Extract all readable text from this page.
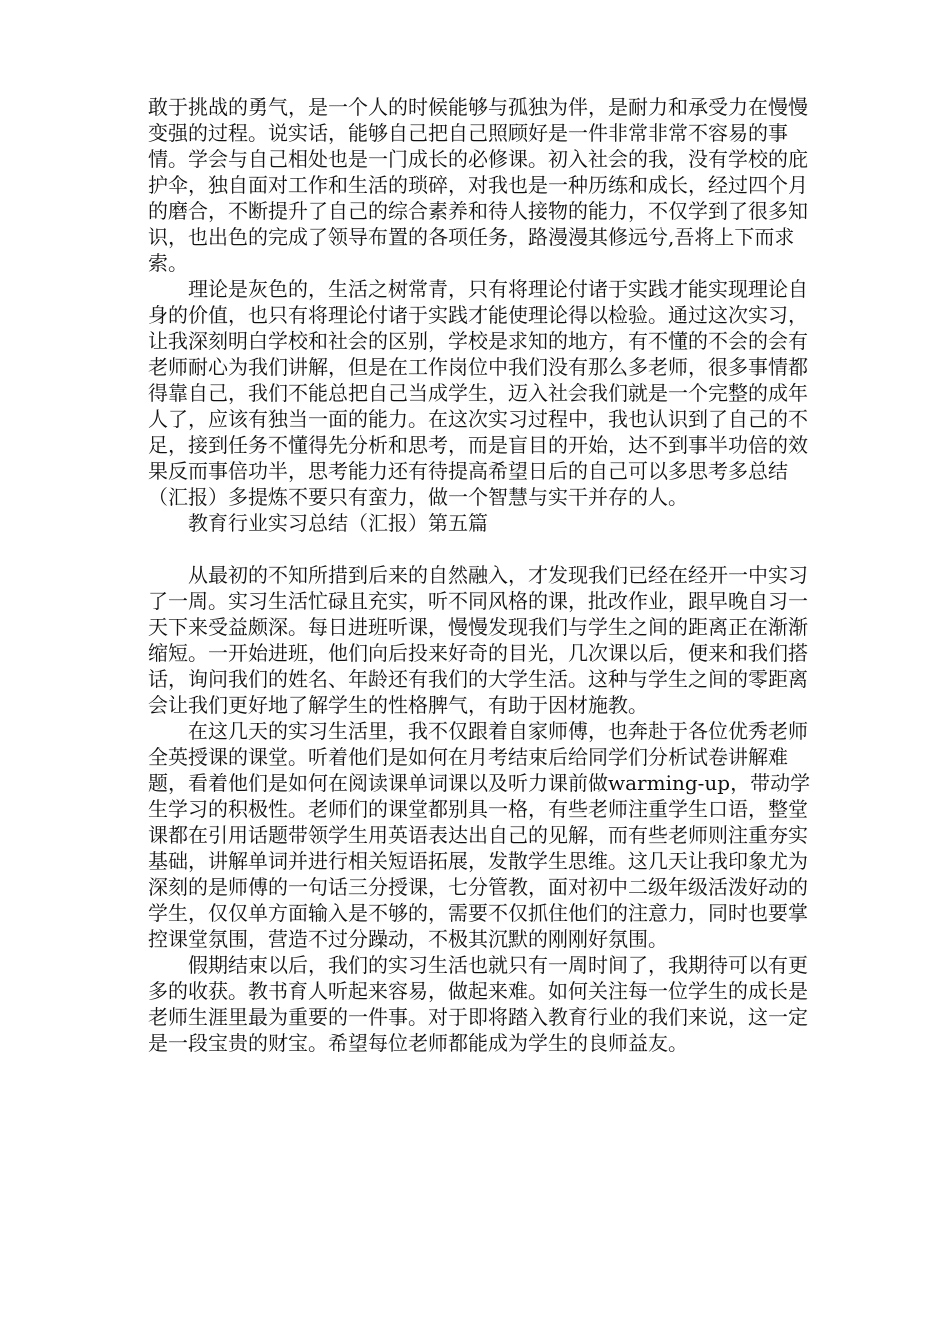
敢于挑战的勇气，是一个人的时候能够与孤独为伴，是耐力和承受力在慢慢变强的过程。说实话，能够自己把自己照顾好是一件非常非常不容易的事情。学会与自己相处也是一门成长的必修课。初入社会的我，没有学校的庇护伞，独自面对工作和生活的琐碎，对我也是一种历练和成长，经过四个月的磨合，不断提升了自己的综合素养和待人接物的能力，不仅学到了很多知识，也出色的完成了领导布置的各项任务，路漫漫其修远兮,吾将上下而求索。

理论是灰色的，生活之树常青，只有将理论付诸于实践才能实现理论自身的价值，也只有将理论付诸于实践才能使理论得以检验。通过这次实习，让我深刻明白学校和社会的区别，学校是求知的地方，有不懂的不会的会有老师耐心为我们讲解，但是在工作岗位中我们没有那么多老师，很多事情都得靠自己，我们不能总把自己当成学生，迈入社会我们就是一个完整的成年人了，应该有独当一面的能力。在这次实习过程中，我也认识到了自己的不足，接到任务不懂得先分析和思考，而是盲目的开始，达不到事半功倍的效果反而事倍功半，思考能力还有待提高希望日后的自己可以多思考多总结（汇报）多提炼不要只有蛮力，做一个智慧与实干并存的人。

教育行业实习总结（汇报）第五篇

从最初的不知所措到后来的自然融入，才发现我们已经在经开一中实习了一周。实习生活忙碌且充实，听不同风格的课，批改作业，跟早晚自习一天下来受益颇深。每日进班听课，慢慢发现我们与学生之间的距离正在渐渐缩短。一开始进班，他们向后投来好奇的目光，几次课以后，便来和我们搭话，询问我们的姓名、年龄还有我们的大学生活。这种与学生之间的零距离会让我们更好地了解学生的性格脾气，有助于因材施教。

在这几天的实习生活里，我不仅跟着自家师傅，也奔赴于各位优秀老师全英授课的课堂。听着他们是如何在月考结束后给同学们分析试卷讲解难题，看着他们是如何在阅读课单词课以及听力课前做warming-up，带动学生学习的积极性。老师们的课堂都别具一格，有些老师注重学生口语，整堂课都在引用话题带领学生用英语表达出自己的见解，而有些老师则注重夯实基础，讲解单词并进行相关短语拓展，发散学生思维。这几天让我印象尤为深刻的是师傅的一句话三分授课，七分管教，面对初中二级年级活泼好动的学生，仅仅单方面输入是不够的，需要不仅抓住他们的注意力，同时也要掌控课堂氛围，营造不过分躁动，不极其沉默的刚刚好氛围。

假期结束以后，我们的实习生活也就只有一周时间了，我期待可以有更多的收获。教书育人听起来容易，做起来难。如何关注每一位学生的成长是老师生涯里最为重要的一件事。对于即将踏入教育行业的我们来说，这一定是一段宝贵的财宝。希望每位老师都能成为学生的良师益友。
